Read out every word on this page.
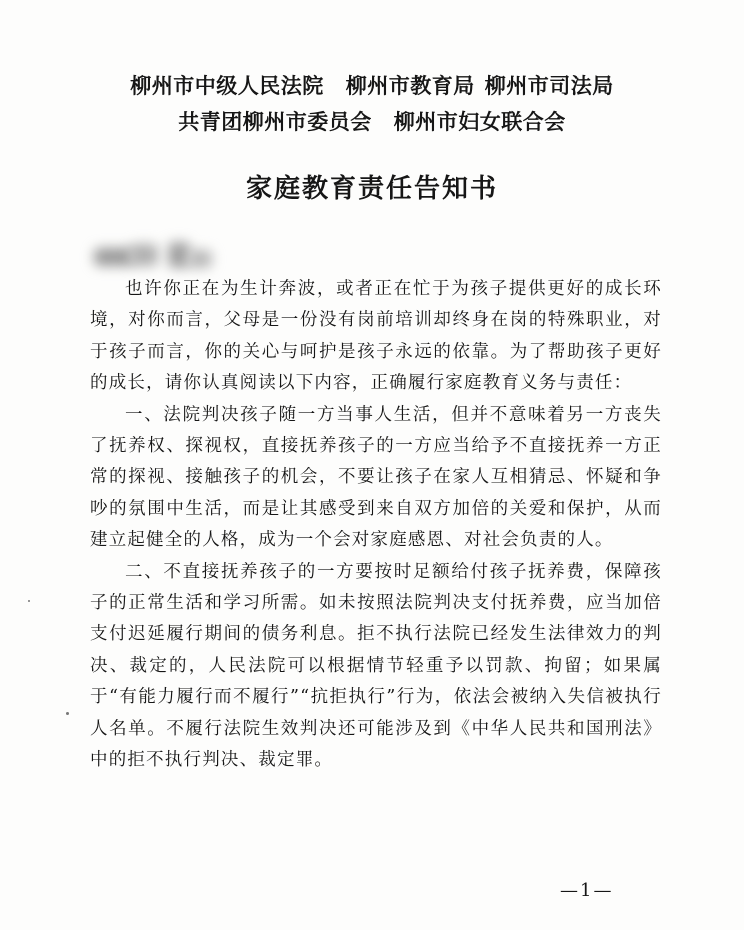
柳州市中级人民法院 柳州市教育局 柳州市司法局
共青团柳州市委员会 柳州市妇女联合会
家庭教育责任告知书

也许你正在为生计奔波，或者正在忙于为孩子提供更好的成长环境，对你而言，父母是一份没有岗前培训却终身在岗的特殊职业，对于孩子而言，你的关心与呵护是孩子永远的依靠。为了帮助孩子更好的成长，请你认真阅读以下内容，正确履行家庭教育义务与责任：

一、法院判决孩子随一方当事人生活，但并不意味着另一方丧失了抚养权、探视权，直接抚养孩子的一方应当给予不直接抚养一方正常的探视、接触孩子的机会，不要让孩子在家人互相猜忌、怀疑和争吵的氛围中生活，而是让其感受到来自双方加倍的关爱和保护，从而建立起健全的人格，成为一个会对家庭感恩、对社会负责的人。

二、不直接抚养孩子的一方要按时足额给付孩子抚养费，保障孩子的正常生活和学习所需。如未按照法院判决支付抚养费，应当加倍支付迟延履行期间的债务利息。拒不执行法院已经发生法律效力的判决、裁定的，人民法院可以根据情节轻重予以罚款、拘留；如果属于“有能力履行而不履行”“抗拒执行”行为，依法会被纳入失信被执行人名单。不履行法院生效判决还可能涉及到《中华人民共和国刑法》中的拒不执行判决、裁定罪。

—1—
